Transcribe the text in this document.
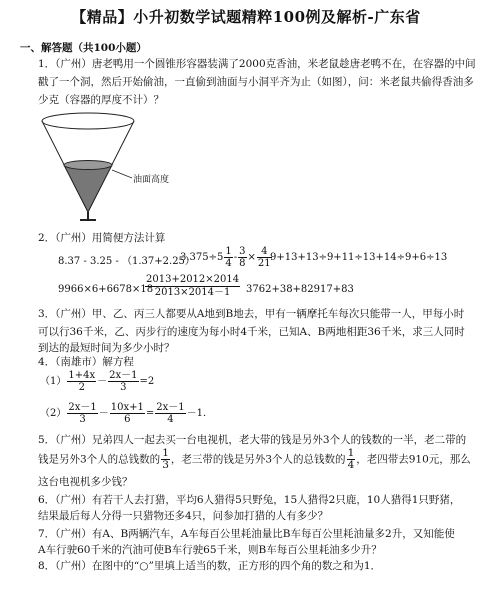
【精品】小升初数学试题精粹100例及解析-广东省
一、解答题（共100小题）
1．（广州）唐老鸭用一个圆锥形容器装满了2000克香油，米老鼠趁唐老鸭不在，在容器的中间
戳了一个洞，然后开始偷油，一直偷到油面与小洞平齐为止（如图），问：米老鼠共偷得香油多
少克（容器的厚度不计）？
油面高度
2．（广州）用简便方法计算
8.37 - 3.25 - （1.37+2.25）
$3.375\div 5 \frac{1}{4} - \frac{3}{8} \times \frac{4}{21}$
9+13+13÷9+11÷13+14÷9+6÷13
9966×6+6678×18
$\frac{2013+2012\times 2014}{2013\times 2014-1} 3762+38+82917+83$
3．（广州）甲、乙、丙三人都要从A地到B地去，甲有一辆摩托车每次只能带一人，甲每小时
可以行36千米，乙、丙步行的速度为每小时4千米，已知A、B两地相距36千米，求三人同时
到达的最短时间为多少小时？
4．（南雄市）解方程
$(1) \frac{1+4x}{2} - \frac{2x-1}{3} =2$
$(2) \frac{2x-1}{3} - \frac{10x+1}{6} = \frac{2x-1}{4} -1$．
5．（广州）兄弟四人一起去买一台电视机，老大带的钱是另外3个人的钱数的一半，老二带的
钱是另外3个人的总钱数的 $\frac{1}{3}$ ，老三带的钱是另外3个人的总钱数的 $\frac{1}{4}$ ，老四带去910元，那么
这台电视机多少钱？
6．（广州）有若干人去打猎，平均6人猎得5只野兔，15人猎得2只鹿，10人猎得1只野猪，
结果最后每人分得一只猎物还多4只，问参加打猎的人有多少？
7．（广州）有A、B两辆汽车，A车每百公里耗油量比B车每百公里耗油量多2升，又知能使
A车行驶60千米的汽油可使B车行驶65千米，则B车每百公里耗油多少升？
8．（广州）在图中的“○”里填上适当的数，正方形的四个角的数之和为1．
